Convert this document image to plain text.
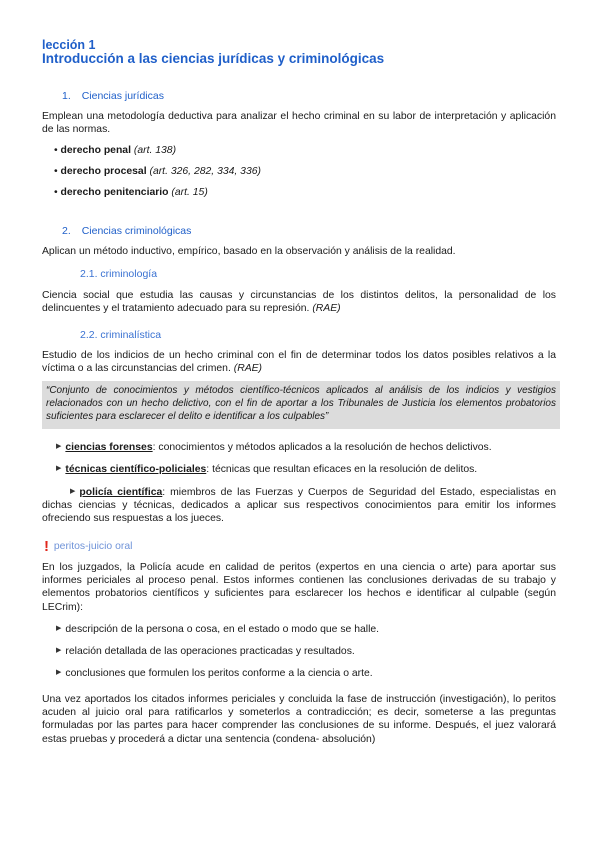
lección 1
Introducción a las ciencias jurídicas y criminológicas
1. Ciencias jurídicas
Emplean una metodología deductiva para analizar el hecho criminal en su labor de interpretación y aplicación de las normas.
• derecho penal (art. 138)
• derecho procesal (art. 326, 282, 334, 336)
• derecho penitenciario (art. 15)
2. Ciencias criminológicas
Aplican un método inductivo, empírico, basado en la observación y análisis de la realidad.
2.1. criminología
Ciencia social que estudia las causas y circunstancias de los distintos delitos, la personalidad de los delincuentes y el tratamiento adecuado para su represión. (RAE)
2.2. criminalística
Estudio de los indicios de un hecho criminal con el fin de determinar todos los datos posibles relativos a la víctima o a las circunstancias del crimen. (RAE)
“Conjunto de conocimientos y métodos científico-técnicos aplicados al análisis de los indicios y vestigios relacionados con un hecho delictivo, con el fin de aportar a los Tribunales de Justicia los elementos probatorios suficientes para esclarecer el delito e identificar a los culpables”
▶ ciencias forenses: conocimientos y métodos aplicados a la resolución de hechos delictivos.
▶ técnicas científico-policiales: técnicas que resultan eficaces en la resolución de delitos.
▶ policía científica: miembros de las Fuerzas y Cuerpos de Seguridad del Estado, especialistas en dichas ciencias y técnicas, dedicados a aplicar sus respectivos conocimientos para emitir los informes ofreciendo sus respuestas a los jueces.
! peritos-juicio oral
En los juzgados, la Policía acude en calidad de peritos (expertos en una ciencia o arte) para aportar sus informes periciales al proceso penal. Estos informes contienen las conclusiones derivadas de su trabajo y elementos probatorios científicos y suficientes para esclarecer los hechos e identificar al culpable (según LECrim):
▶ descripción de la persona o cosa, en el estado o modo que se halle.
▶ relación detallada de las operaciones practicadas y resultados.
▶ conclusiones que formulen los peritos conforme a la ciencia o arte.
Una vez aportados los citados informes periciales y concluida la fase de instrucción (investigación), lo peritos acuden al juicio oral para ratificarlos y someterlos a contradicción; es decir, someterse a las preguntas formuladas por las partes para hacer comprender las conclusiones de su informe. Después, el juez valorará estas pruebas y procederá a dictar una sentencia (condena- absolución)
